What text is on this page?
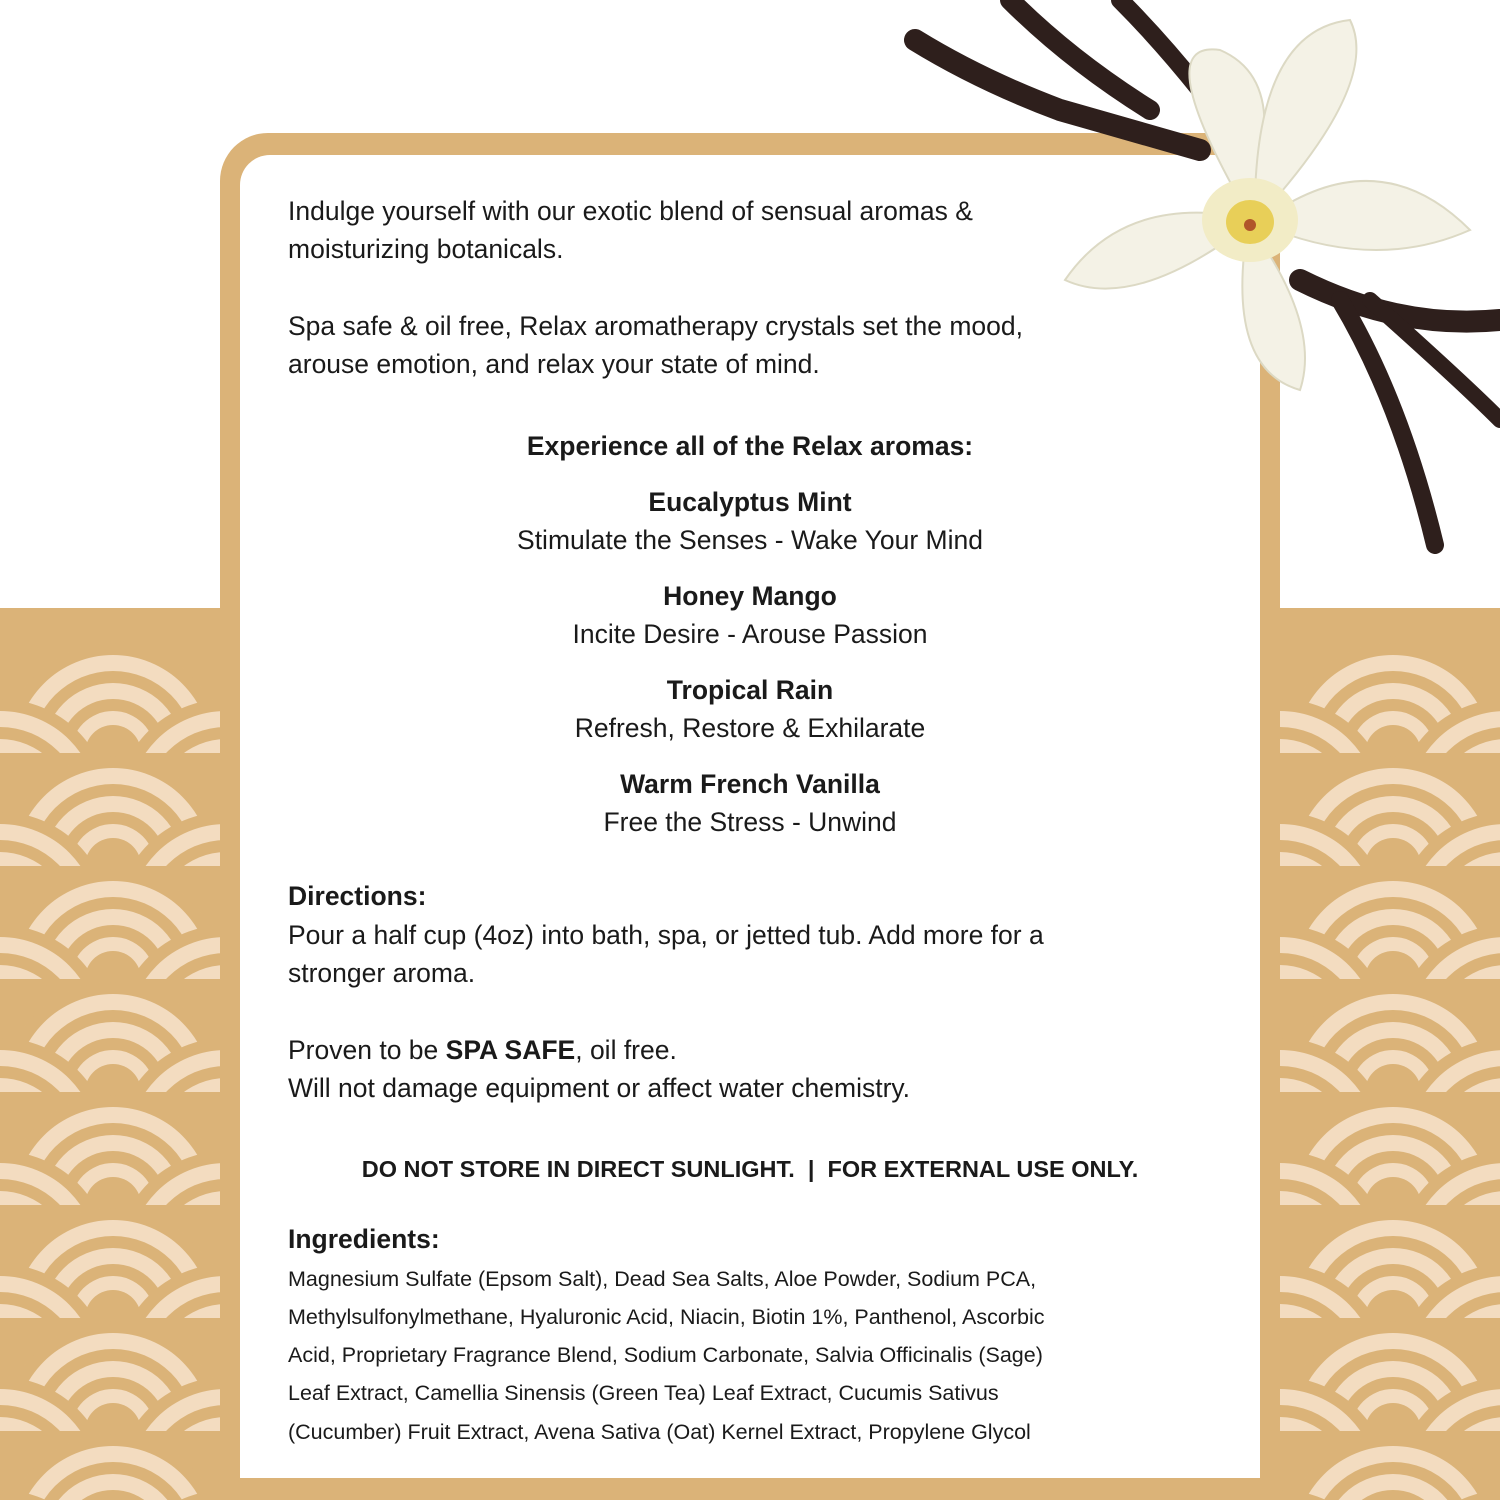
Indulge yourself with our exotic blend of sensual aromas &
moisturizing botanicals.
Spa safe & oil free, Relax aromatherapy crystals set the mood,
arouse emotion, and relax your state of mind.
Experience all of the Relax aromas:
Eucalyptus Mint
Stimulate the Senses - Wake Your Mind
Honey Mango
Incite Desire - Arouse Passion
Tropical Rain
Refresh, Restore & Exhilarate
Warm French Vanilla
Free the Stress - Unwind
Directions:
Pour a half cup (4oz) into bath, spa, or jetted tub. Add more for a
stronger aroma.
Proven to be SPA SAFE, oil free.
Will not damage equipment or affect water chemistry.
DO NOT STORE IN DIRECT SUNLIGHT.  |  FOR EXTERNAL USE ONLY.
Ingredients:
Magnesium Sulfate (Epsom Salt), Dead Sea Salts, Aloe Powder, Sodium PCA,
Methylsulfonylmethane, Hyaluronic Acid, Niacin, Biotin 1%, Panthenol, Ascorbic
Acid, Proprietary Fragrance Blend, Sodium Carbonate, Salvia Officinalis (Sage)
Leaf Extract, Camellia Sinensis (Green Tea) Leaf Extract, Cucumis Sativus
(Cucumber) Fruit Extract, Avena Sativa (Oat) Kernel Extract, Propylene Glycol
